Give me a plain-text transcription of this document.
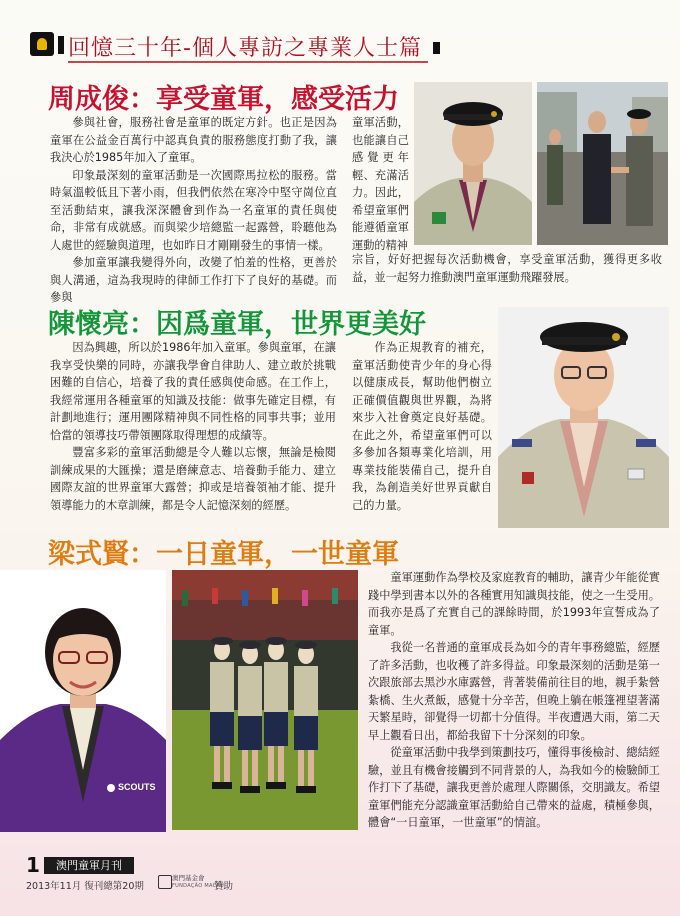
回憶三十年-個人專訪之專業人士篇
周成俊：享受童軍，感受活力

參與社會，服務社會是童軍的既定方針。也正是因為童軍在公益金百萬行中認真負責的服務態度打動了我，讓我決心於1985年加入了童軍。

印象最深刻的童軍活動是一次國際馬拉松的服務。當時氣溫較低且下著小雨，但我們依然在寒冷中堅守崗位直至活動結束，讓我深深體會到作為一名童軍的責任與使命，非常有成就感。而與梁少培總監一起露營，聆聽他為人處世的經驗與道理，也如昨日才剛剛發生的事情一樣。

參加童軍讓我變得外向，改變了怕羞的性格，更善於與人溝通，這為我現時的律師工作打下了良好的基礎。而參與

童軍活動，也能讓自己感覺更年輕、充滿活力。因此，希望童軍們能遵循童軍運動的精神

宗旨，好好把握每次活動機會，享受童軍活動，獲得更多收益，並一起努力推動澳門童軍運動飛躍發展。

陳懷亮：因爲童軍，世界更美好

因為興趣，所以於1986年加入童軍。參與童軍，在讓我享受快樂的同時，亦讓我學會自律助人、建立敢於挑戰困難的自信心，培養了我的責任感與使命感。在工作上，我經常運用各種童軍的知識及技能：做事先確定目標，有計劃地進行；運用團隊精神與不同性格的同事共事；並用恰當的領導技巧帶領團隊取得理想的成績等。

豐富多彩的童軍活動總是令人難以忘懷，無論是檢閱訓練成果的大匯操；還是磨練意志、培養動手能力、建立國際友誼的世界童軍大露營；抑或是培養領袖才能、提升領導能力的木章訓練，都是令人記憶深刻的經歷。

作為正規教育的補充，童軍活動使青少年的身心得以健康成長，幫助他們樹立正確價值觀與世界觀，為將來步入社會奠定良好基礎。在此之外，希望童軍們可以多參加各類專業化培訓，用專業技能裝備自己，提升自我，為創造美好世界貢獻自己的力量。

梁式賢：一日童軍，一世童軍

童軍運動作為學校及家庭教育的輔助，讓青少年能從實踐中學到書本以外的各種實用知識與技能，使之一生受用。而我亦是爲了充實自己的課餘時間，於1993年宣誓成為了童軍。

我從一名普通的童軍成長為如今的青年事務總監，經歷了許多活動，也收穫了許多得益。印象最深刻的活動是第一次跟旅部去黑沙水庫露營，背著裝備前往目的地，親手紮營紮橋、生火煮飯，感覺十分辛苦，但晚上躺在帳篷裡望著滿天繁星時，卻覺得一切都十分值得。半夜遭遇大雨，第二天早上觀看日出，都給我留下十分深刻的印象。

從童軍活動中我學到策劃技巧，懂得事後檢討、總結經驗，並且有機會接觸到不同背景的人，為我如今的檢驗師工作打下了基礎，讓我更善於處理人際關係，交朋識友。希望童軍們能充分認識童軍活動給自己帶來的益處，積極參與，體會“一日童軍，一世童軍”的情誼。

SCOUTS
1	澳門童軍月刊
2013年11月 復刊總第20期
澳門基金會
FUNDAÇÃO MACAU
贊助
